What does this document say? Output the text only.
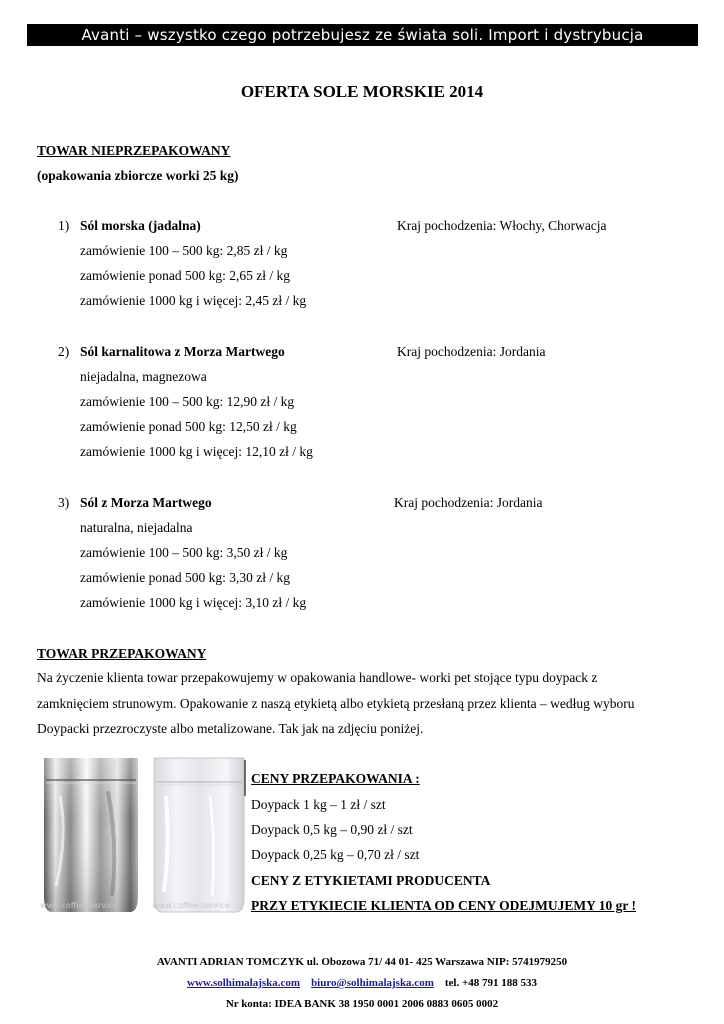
Avanti – wszystko czego potrzebujesz ze świata soli. Import i dystrybucja
OFERTA SOLE MORSKIE 2014
TOWAR NIEPRZEPAKOWANY
(opakowania zbiorcze worki 25 kg)
1) Sól morska (jadalna)	Kraj pochodzenia: Włochy, Chorwacja
zamówienie 100 – 500 kg: 2,85 zł / kg
zamówienie ponad 500 kg: 2,65 zł / kg
zamówienie 1000 kg i więcej: 2,45 zł / kg
2) Sól karnalitowa z Morza Martwego	Kraj pochodzenia: Jordania
niejadalna, magnezowa
zamówienie 100 – 500 kg: 12,90 zł / kg
zamówienie ponad 500 kg: 12,50 zł / kg
zamówienie 1000 kg i więcej: 12,10 zł / kg
3) Sól z Morza Martwego	Kraj pochodzenia: Jordania
naturalna, niejadalna
zamówienie 100 – 500 kg: 3,50 zł / kg
zamówienie ponad 500 kg: 3,30 zł / kg
zamówienie 1000 kg i więcej: 3,10 zł / kg
TOWAR PRZEPAKOWANY
Na życzenie klienta towar przepakowujemy w opakowania handlowe- worki pet stojące typu doypack z
zamknięciem strunowym. Opakowanie z naszą etykietą albo etykietą przesłaną przez klienta – według wyboru
Doypacki przezroczyste albo metalizowane. Tak jak na zdjęciu poniżej.
www.coffee-service.	www.coffee-service
CENY PRZEPAKOWANIA :
Doypack 1 kg – 1 zł / szt
Doypack 0,5 kg – 0,90 zł / szt
Doypack 0,25 kg – 0,70 zł / szt
CENY Z ETYKIETAMI PRODUCENTA
PRZY ETYKIECIE KLIENTA OD CENY ODEJMUJEMY 10 gr !
AVANTI ADRIAN TOMCZYK ul. Obozowa 71/ 44 01- 425 Warszawa NIP: 5741979250
www.solhimalajska.com biuro@solhimalajska.com tel. +48 791 188 533
Nr konta: IDEA BANK 38 1950 0001 2006 0883 0605 0002
